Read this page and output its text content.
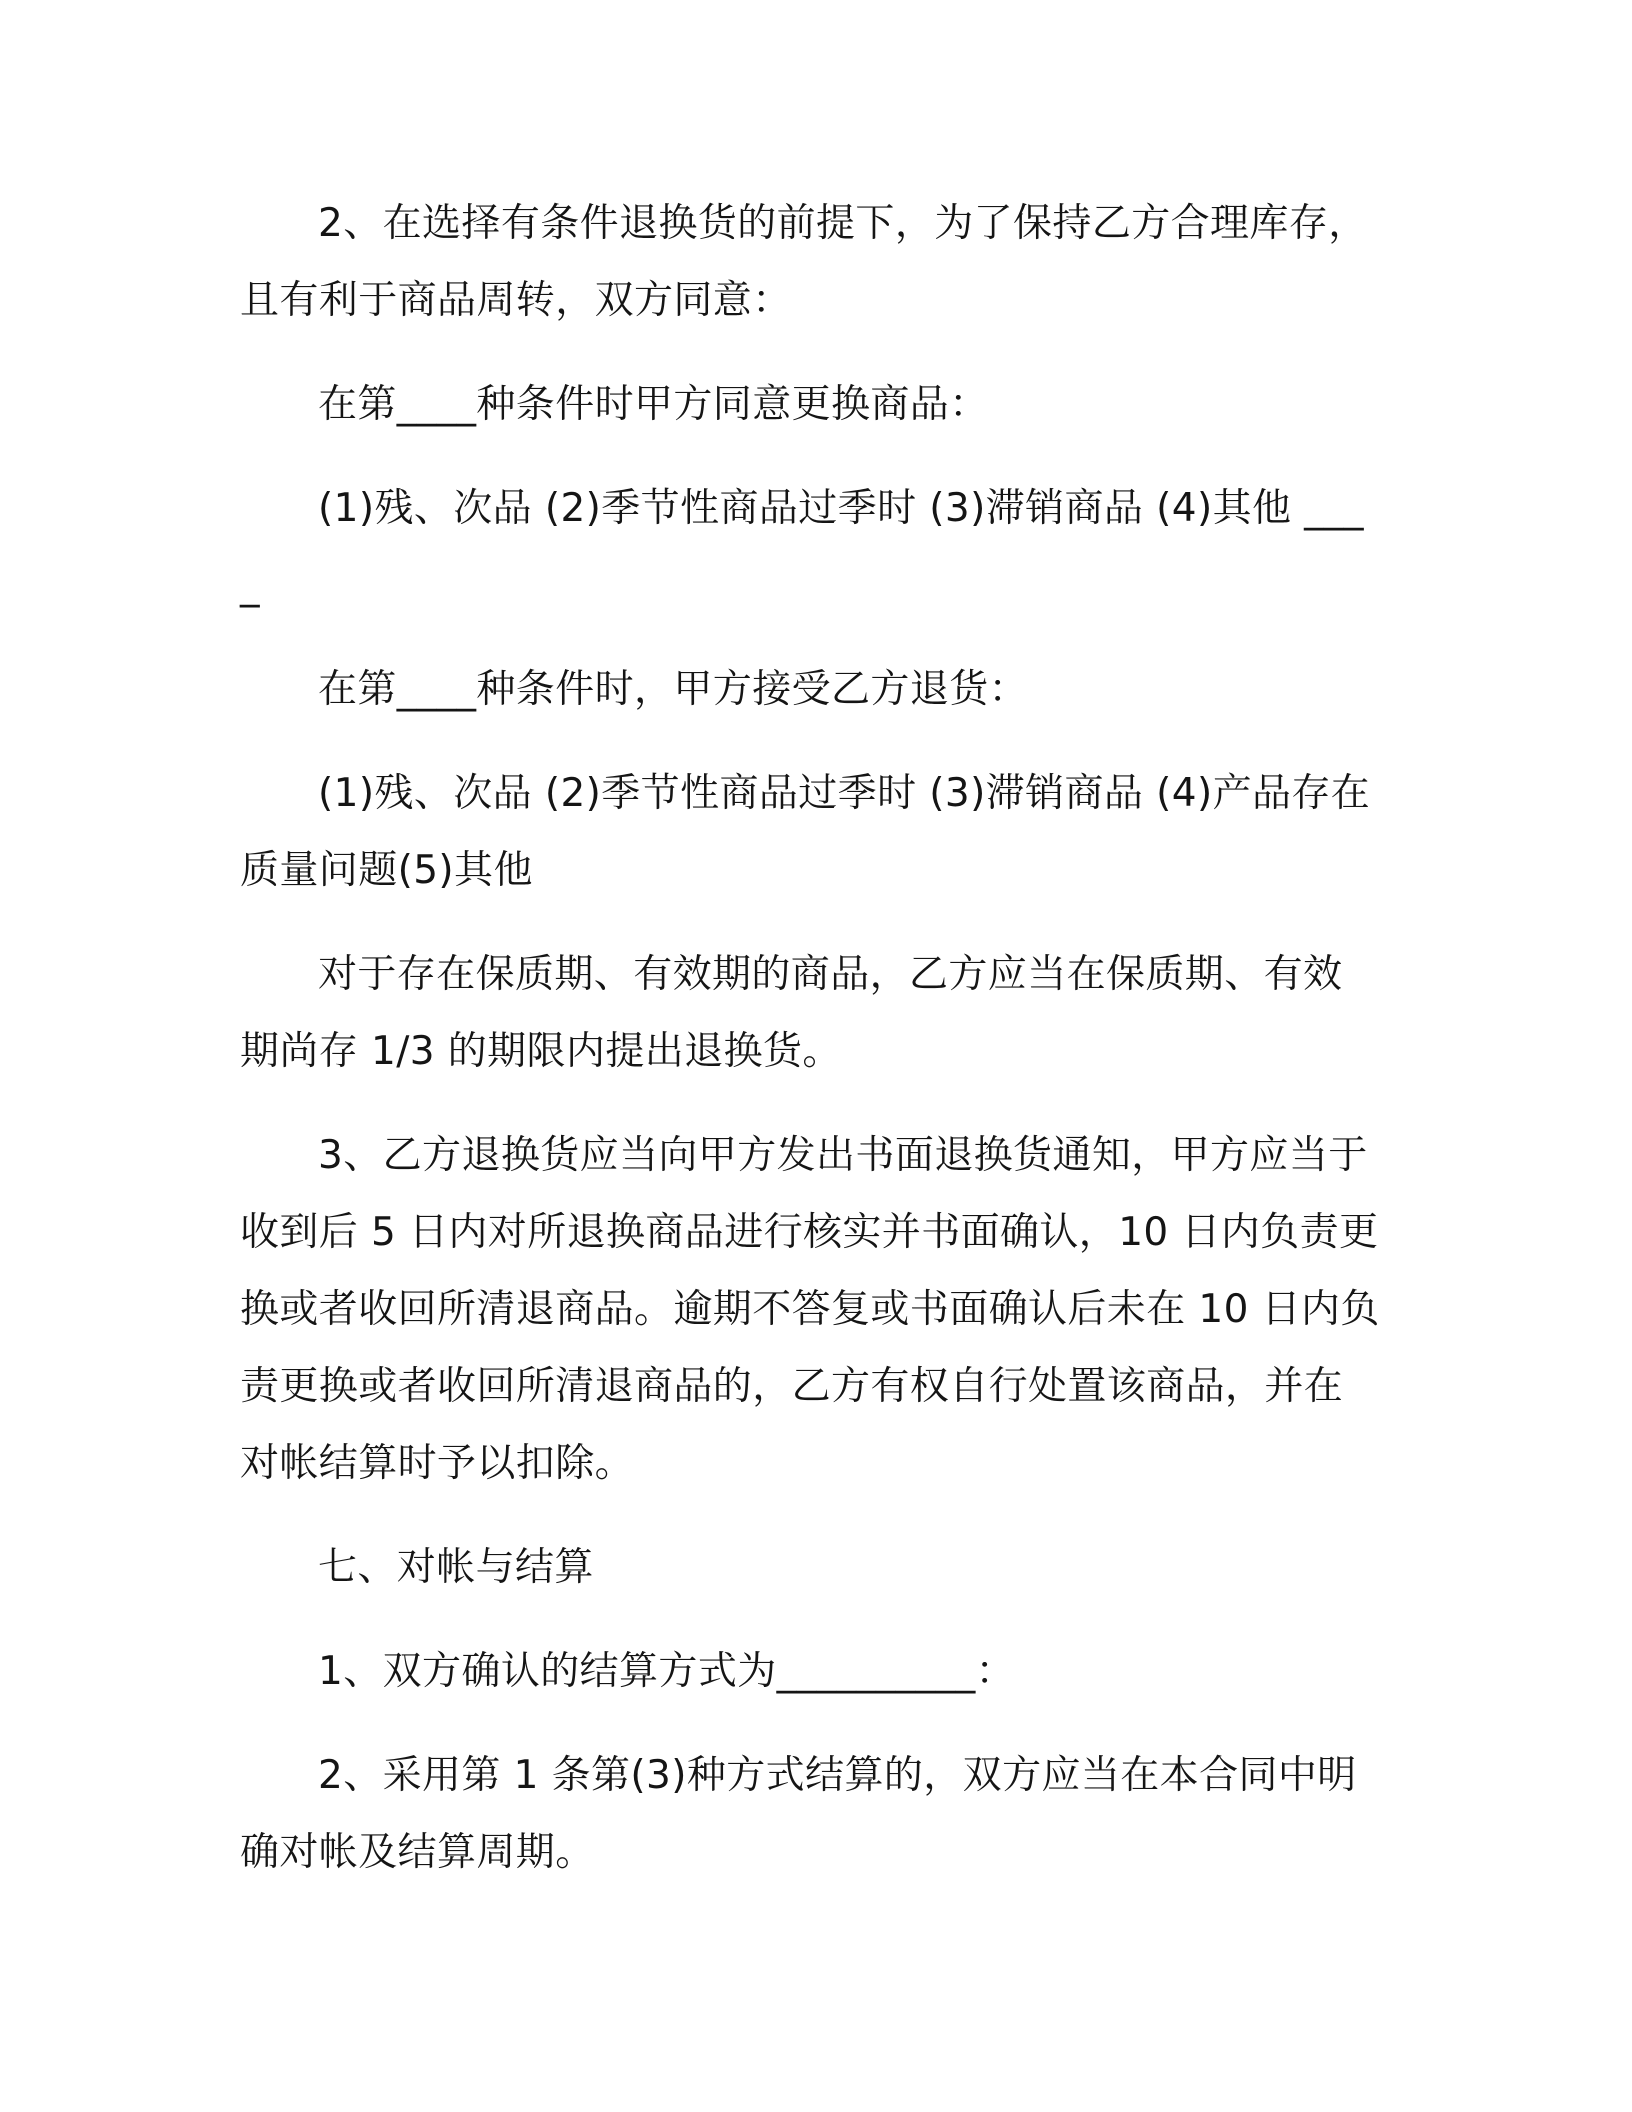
2、在选择有条件退换货的前提下，为了保持乙方合理库存，且有利于商品周转，双方同意：

在第____种条件时甲方同意更换商品：

(1)残、次品 (2)季节性商品过季时 (3)滞销商品 (4)其他 ____

在第____种条件时，甲方接受乙方退货：

(1)残、次品 (2)季节性商品过季时 (3)滞销商品 (4)产品存在质量问题(5)其他

对于存在保质期、有效期的商品，乙方应当在保质期、有效期尚存 1/3 的期限内提出退换货。

3、乙方退换货应当向甲方发出书面退换货通知，甲方应当于收到后 5 日内对所退换商品进行核实并书面确认，10 日内负责更换或者收回所清退商品。逾期不答复或书面确认后未在 10 日内负责更换或者收回所清退商品的，乙方有权自行处置该商品，并在对帐结算时予以扣除。

七、对帐与结算

1、双方确认的结算方式为__________：

2、采用第 1 条第(3)种方式结算的，双方应当在本合同中明确对帐及结算周期。
